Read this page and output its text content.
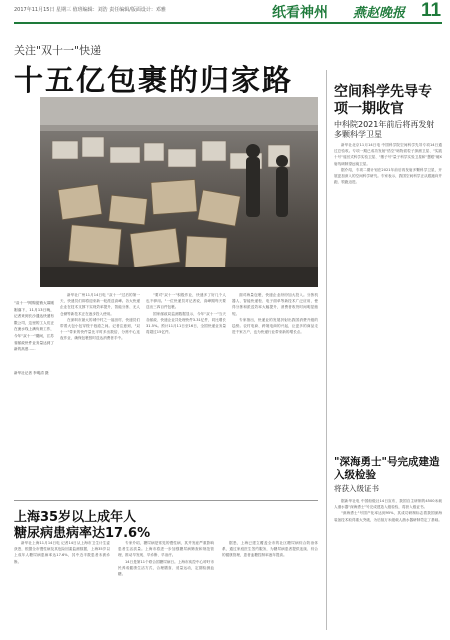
2017年11月15日 星期三 值班编辑：刘浩 责任编辑/版面设计：邓雅	纸看神州 燕赵晚报 11
关注"双十一"快递
十五亿包裹的归家路
"双十一"网购促销大幕刚刚落下，11月13日晚，记者来到长沙通达快递有限公司，这里的工人们正在流水线上满负荷工作，今年"双十一"期间，江苏省邮政快件业务量达到了新的高度……
新华社记者 李明清 摄

新华社广州11月14日电 "双十一"过后的第一天，快递员们即将迎来新一轮派送高峰。各大快递企业在技术支撑下实现效率提升，智能分拣、无人仓储等新技术正在逐步投入使用。

在深圳市最大的城中村之一福田村，快递员们带着大包小包穿梭于巷道之间。记者注意到，"双十一"带来的快件量比平时多出数倍，分拣中心连夜作业，确保包裹按时送达消费者手中。

"要对"双十一"积极作业，快递多了好几个人也不够用。"一位快递员对记者说，高峰期每天要送出三四百件包裹。

国家邮政局监测数据显示，今年"双十一"当天各邮政、快递企业共处理快件3.31亿件，同比增长31.5%。预计11月11日至16日，全国快递业务量将超过15亿件。

面对海量包裹，快递企业纷纷加大投入。分拣机器人、智能快递柜、电子面单等新技术广泛应用，使得分拣和派送效率大幅提升，消费者收货时间明显缩短。

专家指出，快递业的发展折射出我国消费升级的趋势。农村电商、跨境电商的兴起，让更多的商品走进千家万户，也为快递行业带来新的增长点。

空间科学先导专项一期收官
中科院2021年前后将再发射多颗科学卫星

新华社北京11月14日电 中国科学院空间科学先导专项14日通过总验收。专项一期已成功发射"悟空"暗物质粒子探测卫星、"实践十号"返回式科学实验卫星、"墨子号"量子科学实验卫星和"慧眼"硬X射线调制望远镜卫星。

据介绍，专项二期计划在2021年前后再发射多颗科学卫星，开展更加深入的空间科学研究。专家表示，我国空间科学正从跟跑向并跑、领跑迈进。

"深海勇士"号完成建造入级检验
将获入级证书

据新华社电 中国船级社14日宣布，我国自主研制的4500米载人潜水器"深海勇士"号完成建造入级检验，将获入级证书。

"深海勇士"号国产化率达到95%，其成功研制标志着我国深海装备技术取得重大突破，为后续万米级载人潜水器研制奠定了基础。

上海35岁以上成年人
糖尿病患病率达17.6%

新华社上海11月14日电 记者14日从上海市卫生计生委获悉，根据全市慢性病及其危险因素监测数据，上海35岁以上成年人糖尿病患病率达17.6%，其中近半数患者未被诊断。

专家介绍，糖尿病是常见的慢性病，其并发症严重影响患者生活质量。上海市将进一步加强糖尿病筛查和规范管理，推动早发现、早诊断、早治疗。

14日是第11个联合国糖尿病日。上海市疾控中心呼吁市民养成健康生活方式，合理膳食、适量运动，定期检测血糖。

据悉，上海已建立覆盖全市的社区糖尿病综合防治体系，通过家庭医生签约服务，为糖尿病患者提供连续、综合的健康管理，患者血糖控制率逐年提高。
